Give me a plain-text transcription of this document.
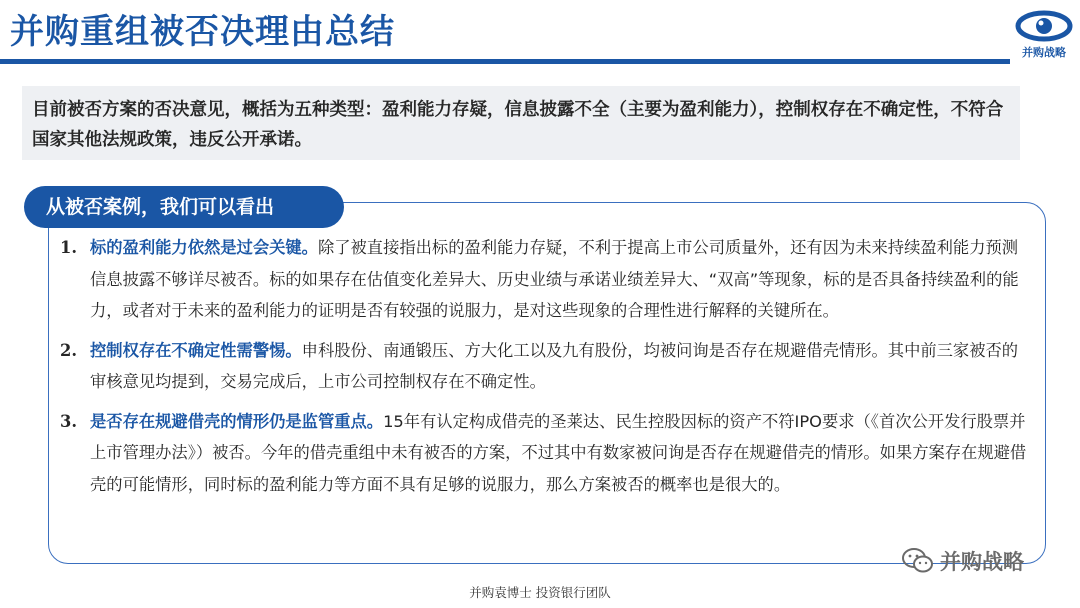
并购重组被否决理由总结
并购战略
目前被否方案的否决意见，概括为五种类型：盈利能力存疑，信息披露不全（主要为盈利能力），控制权存在不确定性，不符合国家其他法规政策，违反公开承诺。
从被否案例，我们可以看出
1. 标的盈利能力依然是过会关键。除了被直接指出标的盈利能力存疑，不利于提高上市公司质量外，还有因为未来持续盈利能力预测信息披露不够详尽被否。标的如果存在估值变化差异大、历史业绩与承诺业绩差异大、“双高”等现象，标的是否具备持续盈利的能力，或者对于未来的盈利能力的证明是否有较强的说服力，是对这些现象的合理性进行解释的关键所在。
2. 控制权存在不确定性需警惕。申科股份、南通锻压、方大化工以及九有股份，均被问询是否存在规避借壳情形。其中前三家被否的审核意见均提到，交易完成后，上市公司控制权存在不确定性。
3. 是否存在规避借壳的情形仍是监管重点。15年有认定构成借壳的圣莱达、民生控股因标的资产不符IPO要求（《首次公开发行股票并上市管理办法》）被否。今年的借壳重组中未有被否的方案，不过其中有数家被问询是否存在规避借壳的情形。如果方案存在规避借壳的可能情形，同时标的盈利能力等方面不具有足够的说服力，那么方案被否的概率也是很大的。
并购战略
并购袁博士 投资银行团队
